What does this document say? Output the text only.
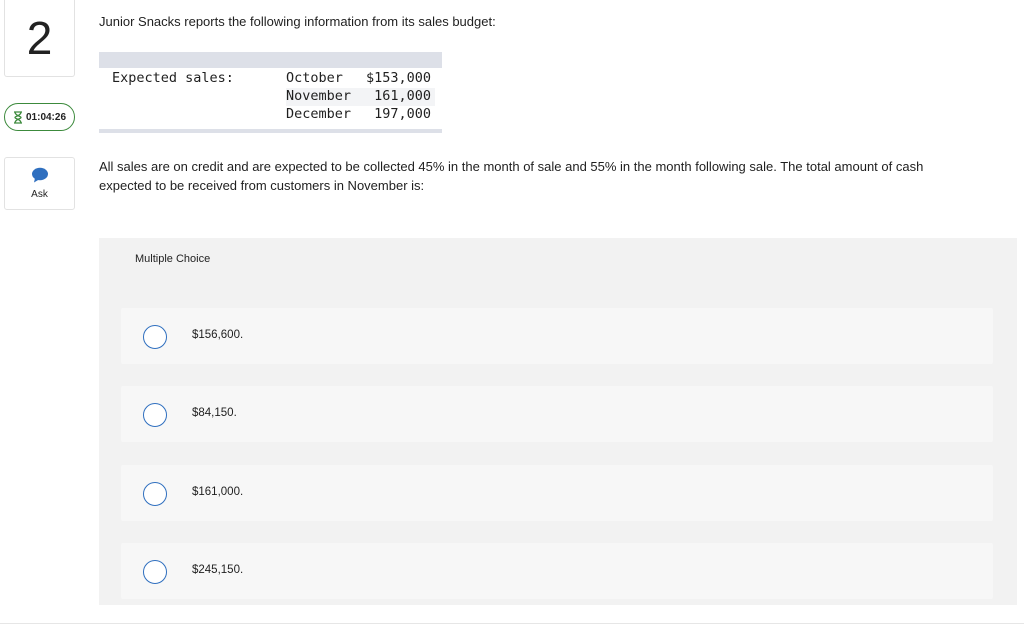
2
01:04:26
Ask
Junior Snacks reports the following information from its sales budget:
Expected sales:	October $153,000
November 161,000
December 197,000
All sales are on credit and are expected to be collected 45% in the month of sale and 55% in the month following sale. The total amount of cash expected to be received from customers in November is:
Multiple Choice
$156,600.
$84,150.
$161,000.
$245,150.
